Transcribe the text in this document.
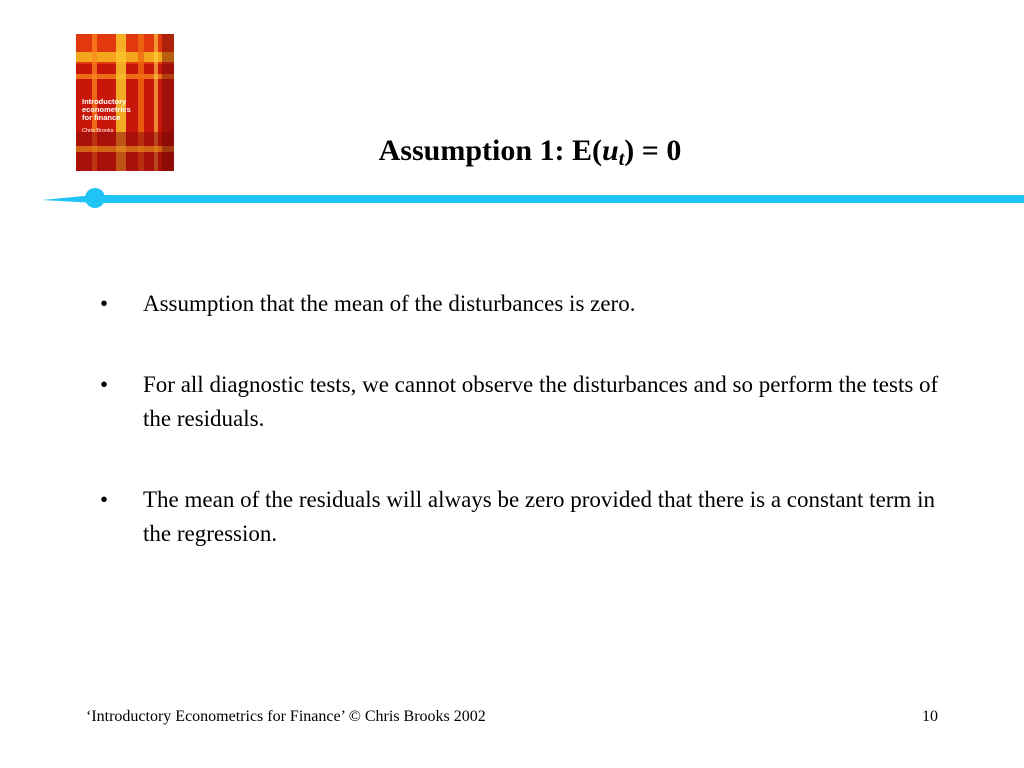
Introductory
econometrics
for finance
Chris Brooks
Assumption 1: $E(u_t) = 0$
• Assumption that the mean of the disturbances is zero.
• For all diagnostic tests, we cannot observe the disturbances and so perform the tests of the residuals.
• The mean of the residuals will always be zero provided that there is a constant term in the regression.
‘Introductory Econometrics for Finance’ © Chris Brooks 2002	10
